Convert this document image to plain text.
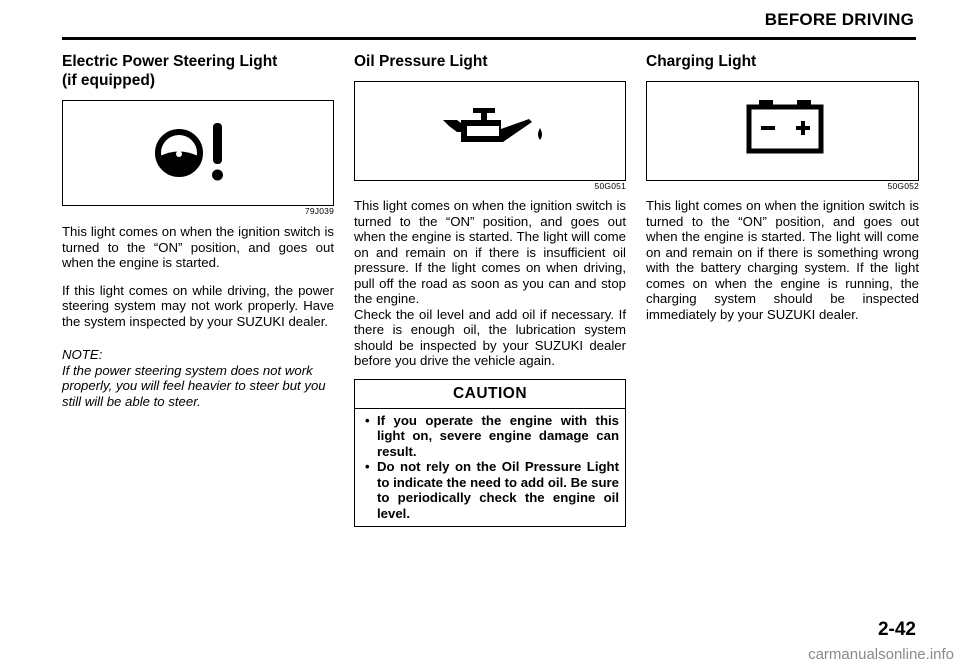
BEFORE DRIVING
Electric Power Steering Light
(if equipped)
79J039

This light comes on when the ignition switch is turned to the “ON” position, and goes out when the engine is started.

If this light comes on while driving, the power steering system may not work properly. Have the system inspected by your SUZUKI dealer.

NOTE:

If the power steering system does not work properly, you will feel heavier to steer but you still will be able to steer.

Oil Pressure Light
50G051

This light comes on when the ignition switch is turned to the “ON” position, and goes out when the engine is started. The light will come on and remain on if there is insufficient oil pressure. If the light comes on when driving, pull off the road as soon as you can and stop the engine.

Check the oil level and add oil if necessary. If there is enough oil, the lubrication system should be inspected by your SUZUKI dealer before you drive the vehicle again.

CAUTION
• If you operate the engine with this light on, severe engine damage can result.
• Do not rely on the Oil Pressure Light to indicate the need to add oil. Be sure to periodically check the engine oil level.
Charging Light
50G052

This light comes on when the ignition switch is turned to the “ON” position, and goes out when the engine is started. The light will come on and remain on if there is something wrong with the battery charging system. If the light comes on when the engine is running, the charging system should be inspected immediately by your SUZUKI dealer.

2-42
carmanualsonline.info
